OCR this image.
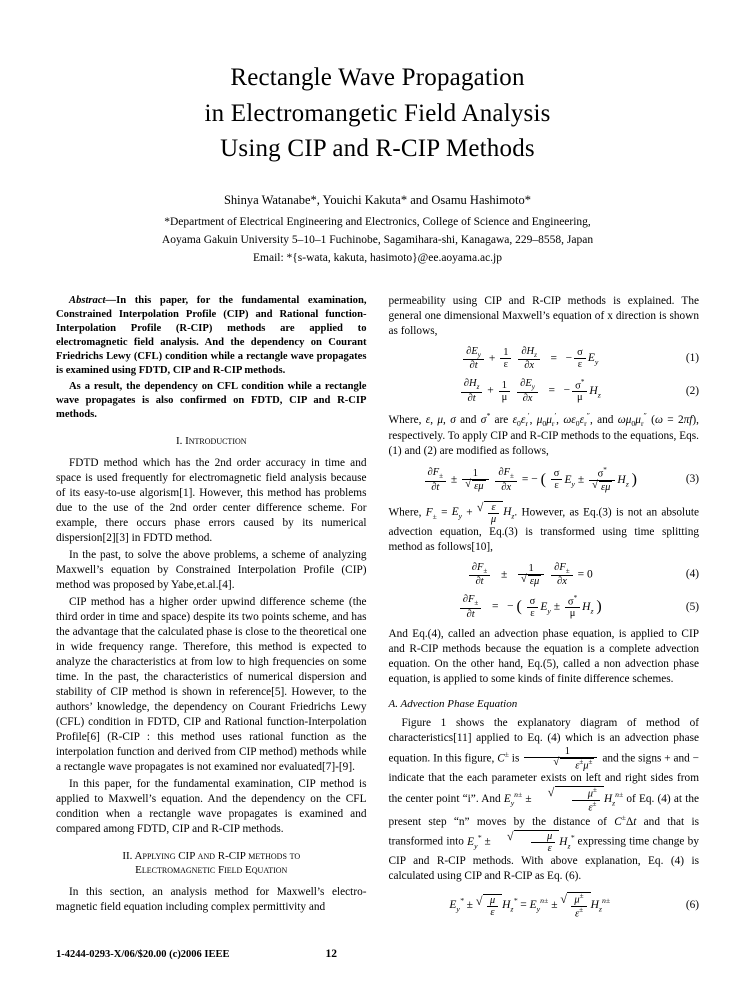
Rectangle Wave Propagation
in Electromangetic Field Analysis
Using CIP and R-CIP Methods
Shinya Watanabe*, Youichi Kakuta* and Osamu Hashimoto*
*Department of Electrical Engineering and Electronics, College of Science and Engineering,
Aoyama Gakuin University 5–10–1 Fuchinobe, Sagamihara-shi, Kanagawa, 229–8558, Japan
Email: *{s-wata, kakuta, hasimoto}@ee.aoyama.ac.jp
Abstract—In this paper, for the fundamental examination, Constrained Interpolation Profile (CIP) and Rational function-Interpolation Profile (R-CIP) methods are applied to electromagnetic field analysis. And the dependency on Courant Friedrichs Lewy (CFL) condition while a rectangle wave propagates is examined using FDTD, CIP and R-CIP methods.
As a result, the dependency on CFL condition while a rectangle wave propagates is also confirmed on FDTD, CIP and R-CIP methods.
I. Introduction

FDTD method which has the 2nd order accuracy in time and space is used frequently for electromagnetic field analysis because of its easy-to-use algorism[1]. However, this method has problems due to the use of the 2nd order center difference scheme. For example, there occurs phase errors caused by its numerical dispersion[2][3] in FDTD method.

In the past, to solve the above problems, a scheme of analyzing Maxwell’s equation by Constrained Interpolation Profile (CIP) method was proposed by Yabe,et.al.[4].

CIP method has a higher order upwind difference scheme (the third order in time and space) despite its two points scheme, and has the advantage that the calculated phase is close to the theoretical one in wide frequency range. Therefore, this method is expected to analyze the characteristics at from low to high frequencies on some time. In the past, the characteristics of numerical dispersion and stability of CIP method is shown in reference[5]. However, to the authors’ knowledge, the dependency on Courant Friedrichs Lewy (CFL) condition in FDTD, CIP and Rational function-Interpolation Profile[6] (R-CIP : this method uses rational function as the interpolation function and derived from CIP method) methods while a rectangle wave propagates is not examined nor evaluated[7]-[9].

In this paper, for the fundamental examination, CIP method is applied to Maxwell’s equation. And the dependency on the CFL condition when a rectangle wave propagates is examined and compared among FDTD, CIP and R-CIP methods.

II. Applying CIP and R-CIP methods to
Electromagnetic Field Equation

In this section, an analysis method for Maxwell’s electro-magnetic field equation including complex permittivity and

permeability using CIP and R-CIP methods is explained. The general one dimensional Maxwell’s equation of x direction is shown as follows,

$\frac{\partial E_y}{\partial t} + \frac{1}{\varepsilon}$
$\frac{\partial H_z}{\partial x}$ =   − $\frac{\sigma}{\varepsilon} E_y$	(1)
$\frac{\partial H_z}{\partial t} + \frac{1}{\mu}$
$\frac{\partial E_y}{\partial x}$ =   − $\frac{\sigma^*}{\mu} H_z$	(2)

Where, ε, μ, σ and σ* are $\varepsilon_0\varepsilon_r'$, $\mu_0\mu_r'$, $\omega\varepsilon_0\varepsilon_r''$, and $\omega\mu_0\mu_r''$ (ω = 2πf), respectively. To apply CIP and R-CIP methods to the equations, Eqs.(1) and (2) are modified as follows,

$\frac{\partial F_\pm}{\partial t} \pm 1$
√ εμ
$\frac{\partial F_\pm}{\partial x}$ = − ( $\frac{\sigma}{\varepsilon} E_y \pm \sigma^*$
√ εμ $H_z$ )	(3)

Where, $F_\pm = E_y$ + √ $\frac{\varepsilon}{\mu} H_z$. However, as Eq.(3) is not an absolute advection equation, Eq.(3) is transformed using time splitting method as follows[10],

$\frac{\partial F_\pm}{\partial t} \pm 1$
√ εμ
$\frac{\partial F_\pm}{\partial x} = 0$	(4)
$\frac{\partial F_\pm}{\partial t}$ =   − ( $\frac{\sigma}{\varepsilon} E_y \pm \frac{\sigma^*}{\mu} H_z$ )	(5)

And Eq.(4), called an advection phase equation, is applied to CIP and R-CIP methods because the equation is a complete advection equation. On the other hand, Eq.(5), called a non advection phase equation, is applied to some kinds of finite difference schemes.

A. Advection Phase Equation

Figure 1 shows the explanatory diagram of method of characteristics[11] applied to Eq. (4) which is an advection phase equation. In this figure, C± is 1
√ ε±μ± and the signs + and − indicate that the each parameter exists on left and right sides from the center point “i”. And $E_y^{n\pm}$ ±	√ $\frac{\mu^\pm}{\varepsilon^\pm} H_z^{n\pm}$ of Eq. (4) at the present step “n” moves by the distance of C±Δt and that is transformed into $E_y^*$ ±	√ $\frac{\mu}{\varepsilon} H_z^*$ expressing time change by CIP and R-CIP methods. With above explanation, Eq. (4) is calculated using CIP and R-CIP as Eq. (6).

$E_y^*$ ± √ $\frac{\mu}{\varepsilon} H_z^* = E_y^{n\pm}$ ± √ $\frac{\mu^\pm}{\varepsilon^\pm} H_z^{n\pm}$	(6)
1-4244-0293-X/06/$20.00 (c)2006 IEEE	12
